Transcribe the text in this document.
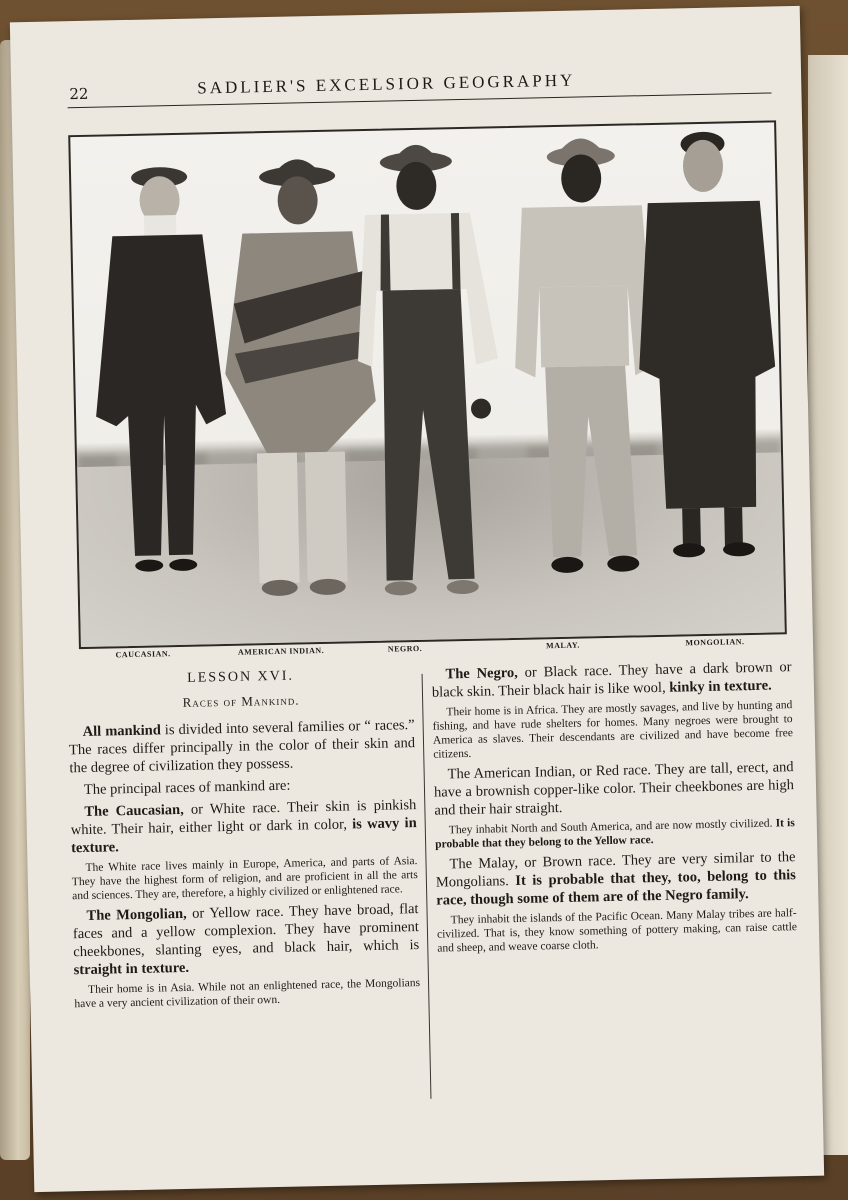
22	SADLIER'S EXCELSIOR GEOGRAPHY
CAUCASIAN.	AMERICAN INDIAN.	NEGRO.	MALAY.	MONGOLIAN.
LESSON XVI.
Races of Mankind.

All mankind is divided into several families or “ races.” The races differ principally in the color of their skin and the degree of civilization they possess.

The principal races of mankind are:

The Caucasian, or White race. Their skin is pinkish white. Their hair, either light or dark in color, is wavy in texture.

The White race lives mainly in Europe, America, and parts of Asia. They have the highest form of religion, and are proficient in all the arts and sciences. They are, therefore, a highly civilized or enlightened race.

The Mongolian, or Yellow race. They have broad, flat faces and a yellow complexion. They have prominent cheekbones, slanting eyes, and black hair, which is straight in texture.

Their home is in Asia. While not an enlightened race, the Mongolians have a very ancient civilization of their own.

The Negro, or Black race. They have a dark brown or black skin. Their black hair is like wool, kinky in texture.

Their home is in Africa. They are mostly savages, and live by hunting and fishing, and have rude shelters for homes. Many negroes were brought to America as slaves. Their descendants are civilized and have become free citizens.

The American Indian, or Red race. They are tall, erect, and have a brownish copper-like color. Their cheekbones are high and their hair straight.

They inhabit North and South America, and are now mostly civilized. It is probable that they belong to the Yellow race.

The Malay, or Brown race. They are very similar to the Mongolians. It is probable that they, too, belong to this race, though some of them are of the Negro family.

They inhabit the islands of the Pacific Ocean. Many Malay tribes are half-civilized. That is, they know something of pottery making, can raise cattle and sheep, and weave coarse cloth.
